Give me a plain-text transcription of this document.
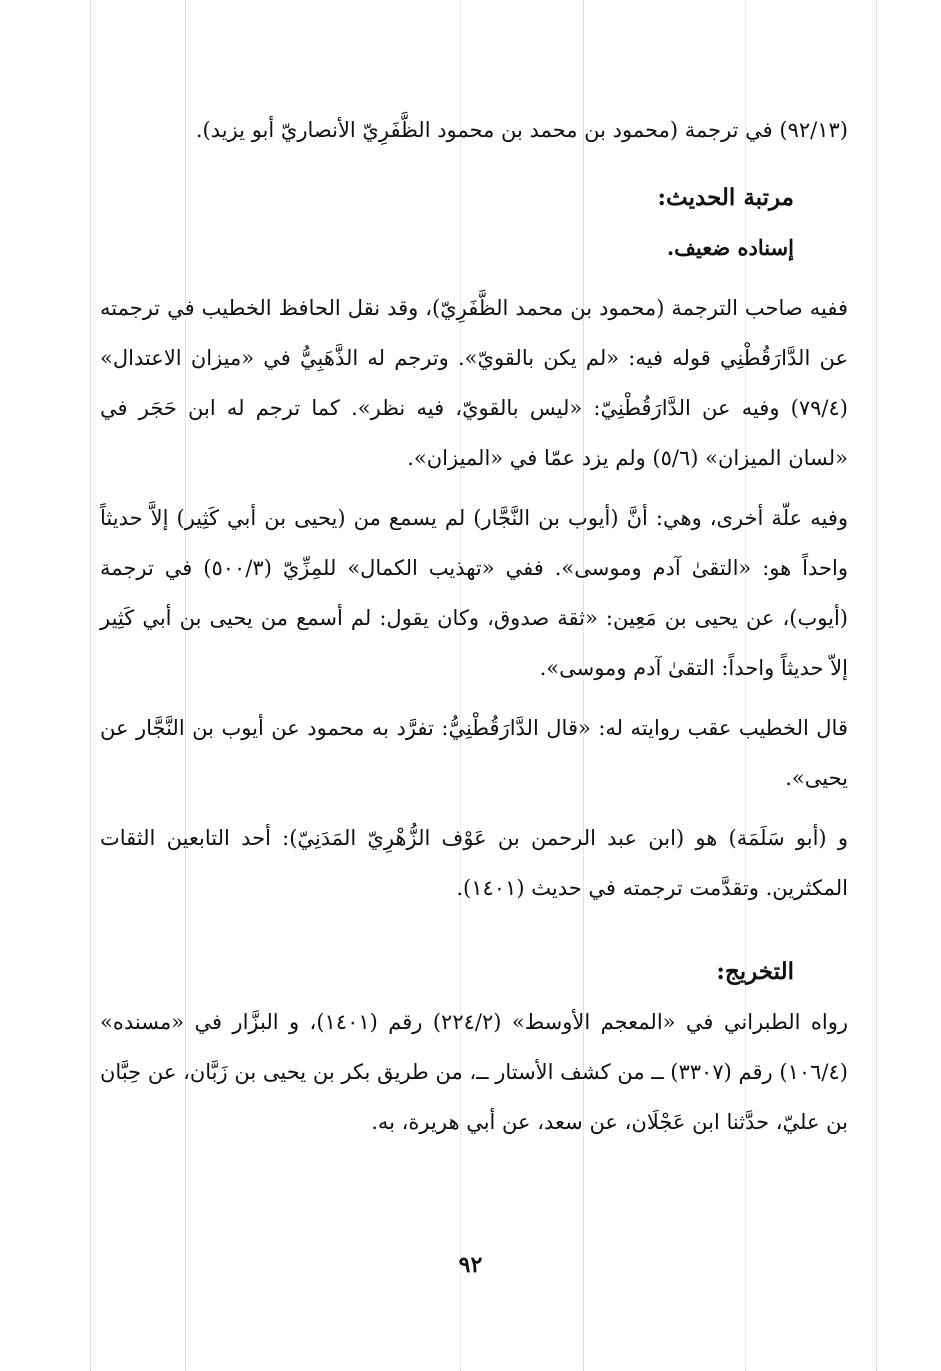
(٩٢/١٣) في ترجمة (محمود بن محمد بن محمود الظَّفَرِيّ الأنصاريّ أبو يزيد).

مرتبة الحديث:

إسناده ضعيف.

ففيه صاحب الترجمة (محمود بن محمد الظَّفَرِيّ)، وقد نقل الحافظ الخطيب في ترجمته عن الدَّارَقُطْنِي قوله فيه: «لم يكن بالقويّ». وترجم له الذَّهَبِيُّ في «ميزان الاعتدال» (٧٩/٤) وفيه عن الدَّارَقُطْنِيّ: «ليس بالقويّ، فيه نظر». كما ترجم له ابن حَجَر في «لسان الميزان» (٥/٦) ولم يزد عمّا في «الميزان».

وفيه علّة أخرى، وهي: أنَّ (أيوب بن النَّجَّار) لم يسمع من (يحيى بن أبي كَثِير) إلاَّ حديثاً واحداً هو: «التقىٰ آدم وموسى». ففي «تهذيب الكمال» للمِزِّيّ (٥٠٠/٣) في ترجمة (أيوب)، عن يحيى بن مَعِين: «ثقة صدوق، وكان يقول: لم أسمع من يحيى بن أبي كَثِير إلاّ حديثاً واحداً: التقىٰ آدم وموسى».

قال الخطيب عقب روايته له: «قال الدَّارَقُطْنِيُّ: تفرَّد به محمود عن أيوب بن النَّجَّار عن يحيى».

و (أبو سَلَمَة) هو (ابن عبد الرحمن بن عَوْف الزُّهْرِيّ المَدَنِيّ): أحد التابعين الثقات المكثرين. وتقدَّمت ترجمته في حديث (١٤٠١).

التخريج:

رواه الطبراني في «المعجم الأوسط» (٢٢٤/٢) رقم (١٤٠١)، و البزَّار في «مسنده» (١٠٦/٤) رقم (٣٣٠٧) ــ من كشف الأستار ــ، من طريق بكر بن يحيى بن زَبَّان، عن حِبَّان بن عليّ، حدَّثنا ابن عَجْلَان، عن سعد، عن أبي هريرة، به.

٩٢
